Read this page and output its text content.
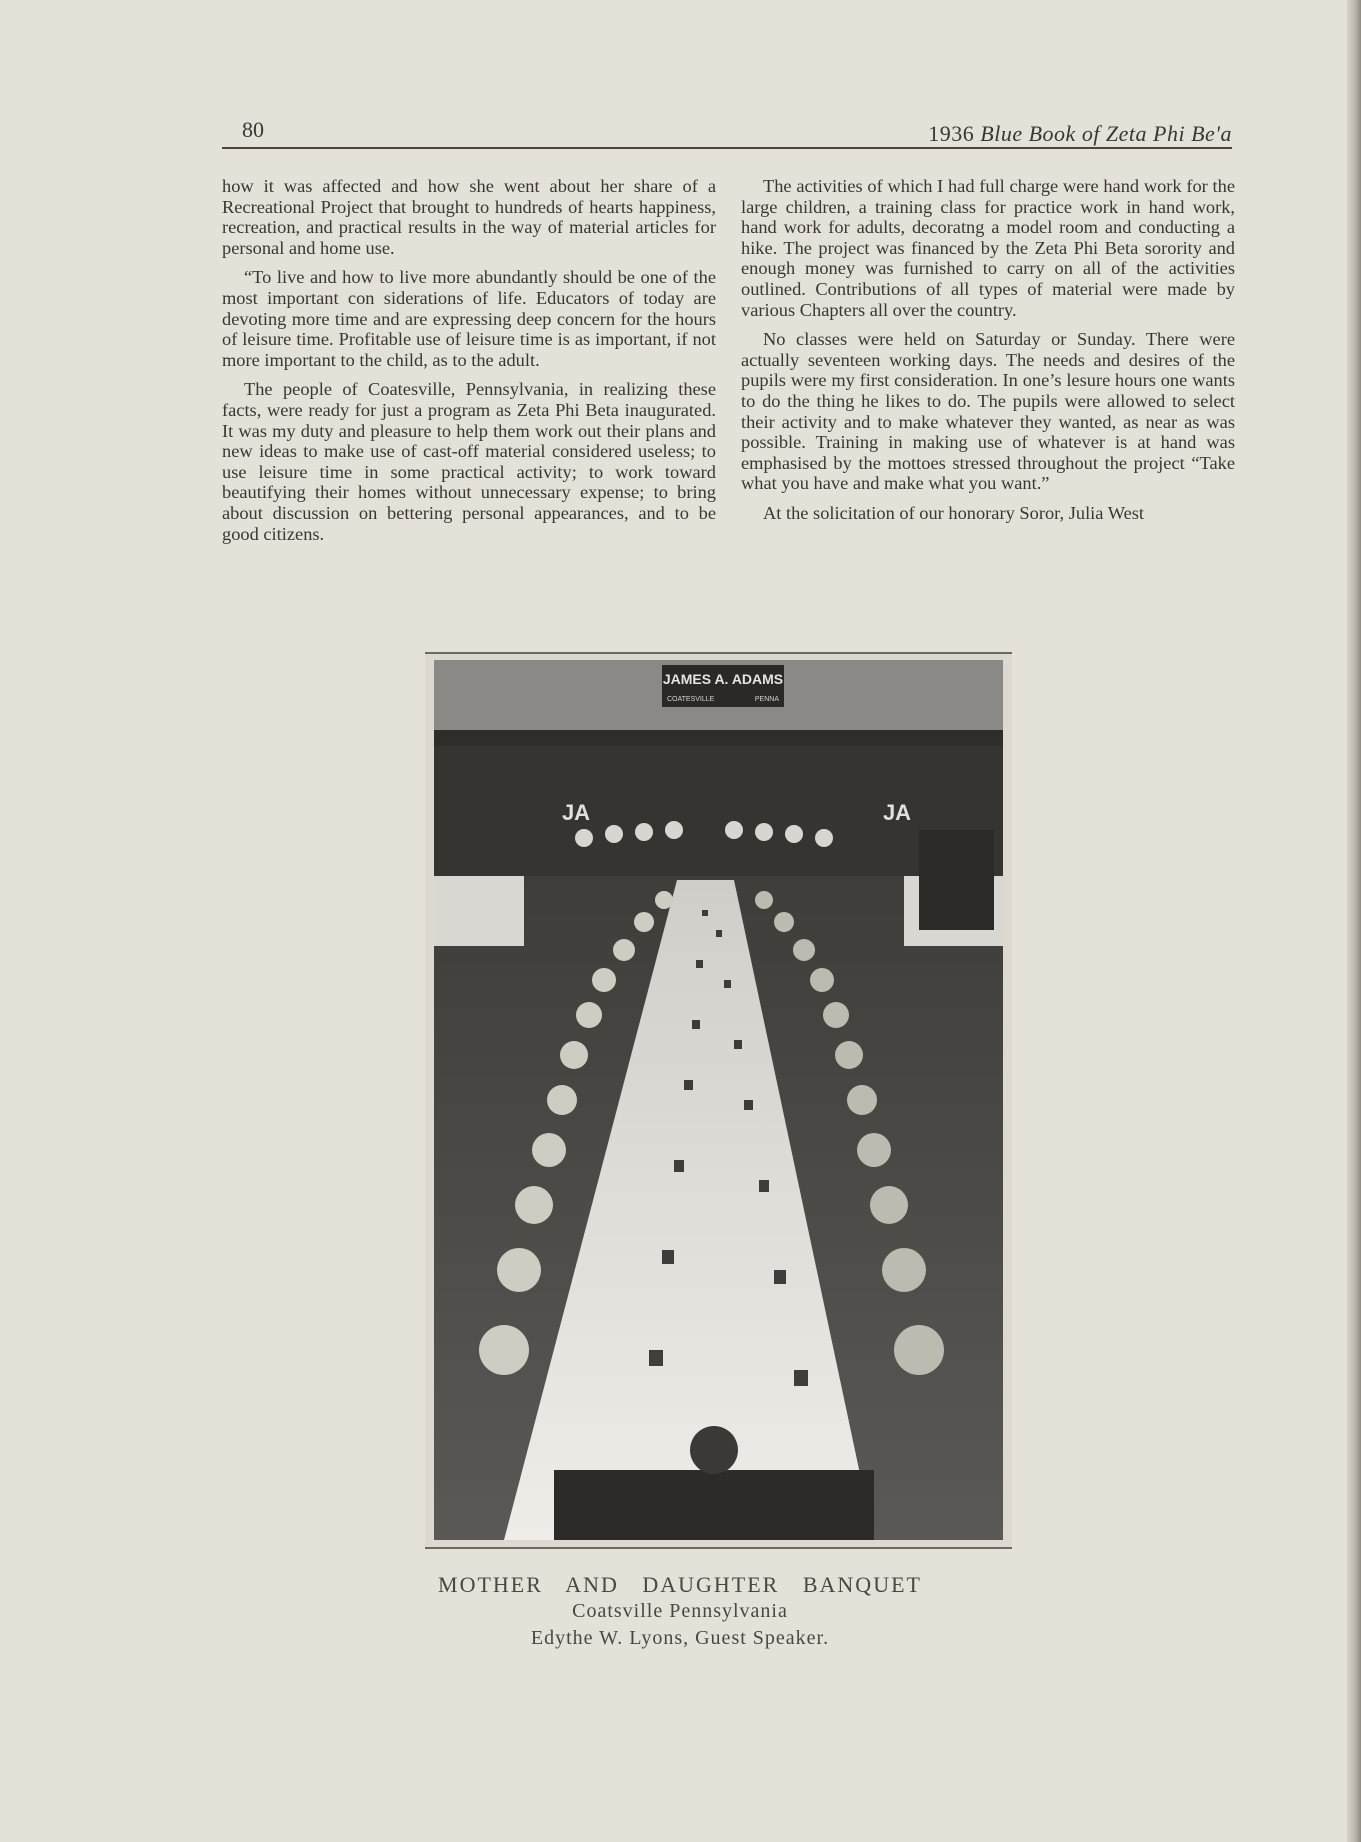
80	1936 Blue Book of Zeta Phi Be'a

how it was affected and how she went about her share of a Recreational Project that brought to hundreds of hearts happiness, recreation, and practical results in the way of material articles for personal and home use.

“To live and how to live more abundantly should be one of the most important con siderations of life. Educators of today are devoting more time and are expressing deep concern for the hours of leisure time. Profitable use of leisure time is as important, if not more important to the child, as to the adult.

The people of Coatesville, Pennsylvania, in realizing these facts, were ready for just a program as Zeta Phi Beta inaugurated. It was my duty and pleasure to help them work out their plans and new ideas to make use of cast-off material considered useless; to use leisure time in some practical activity; to work toward beautifying their homes without unnecessary expense; to bring about discussion on bettering personal appearances, and to be good citizens.

The activities of which I had full charge were hand work for the large children, a training class for practice work in hand work, hand work for adults, decoratng a model room and conducting a hike. The project was financed by the Zeta Phi Beta sorority and enough money was furnished to carry on all of the activities outlined. Contributions of all types of material were made by various Chapters all over the country.

No classes were held on Saturday or Sunday. There were actually seventeen working days. The needs and desires of the pupils were my first consideration. In one’s lesure hours one wants to do the thing he likes to do. The pupils were allowed to select their activity and to make whatever they wanted, as near as was possible. Training in making use of whatever is at hand was emphasised by the mottoes stressed throughout the project “Take what you have and make what you want.”

At the solicitation of our honorary Soror, Julia West

JAMES A. ADAMS
COATESVILLE	PENNA
JA	JA
MOTHER AND DAUGHTER BANQUET
Coatsville Pennsylvania
Edythe W. Lyons, Guest Speaker.
